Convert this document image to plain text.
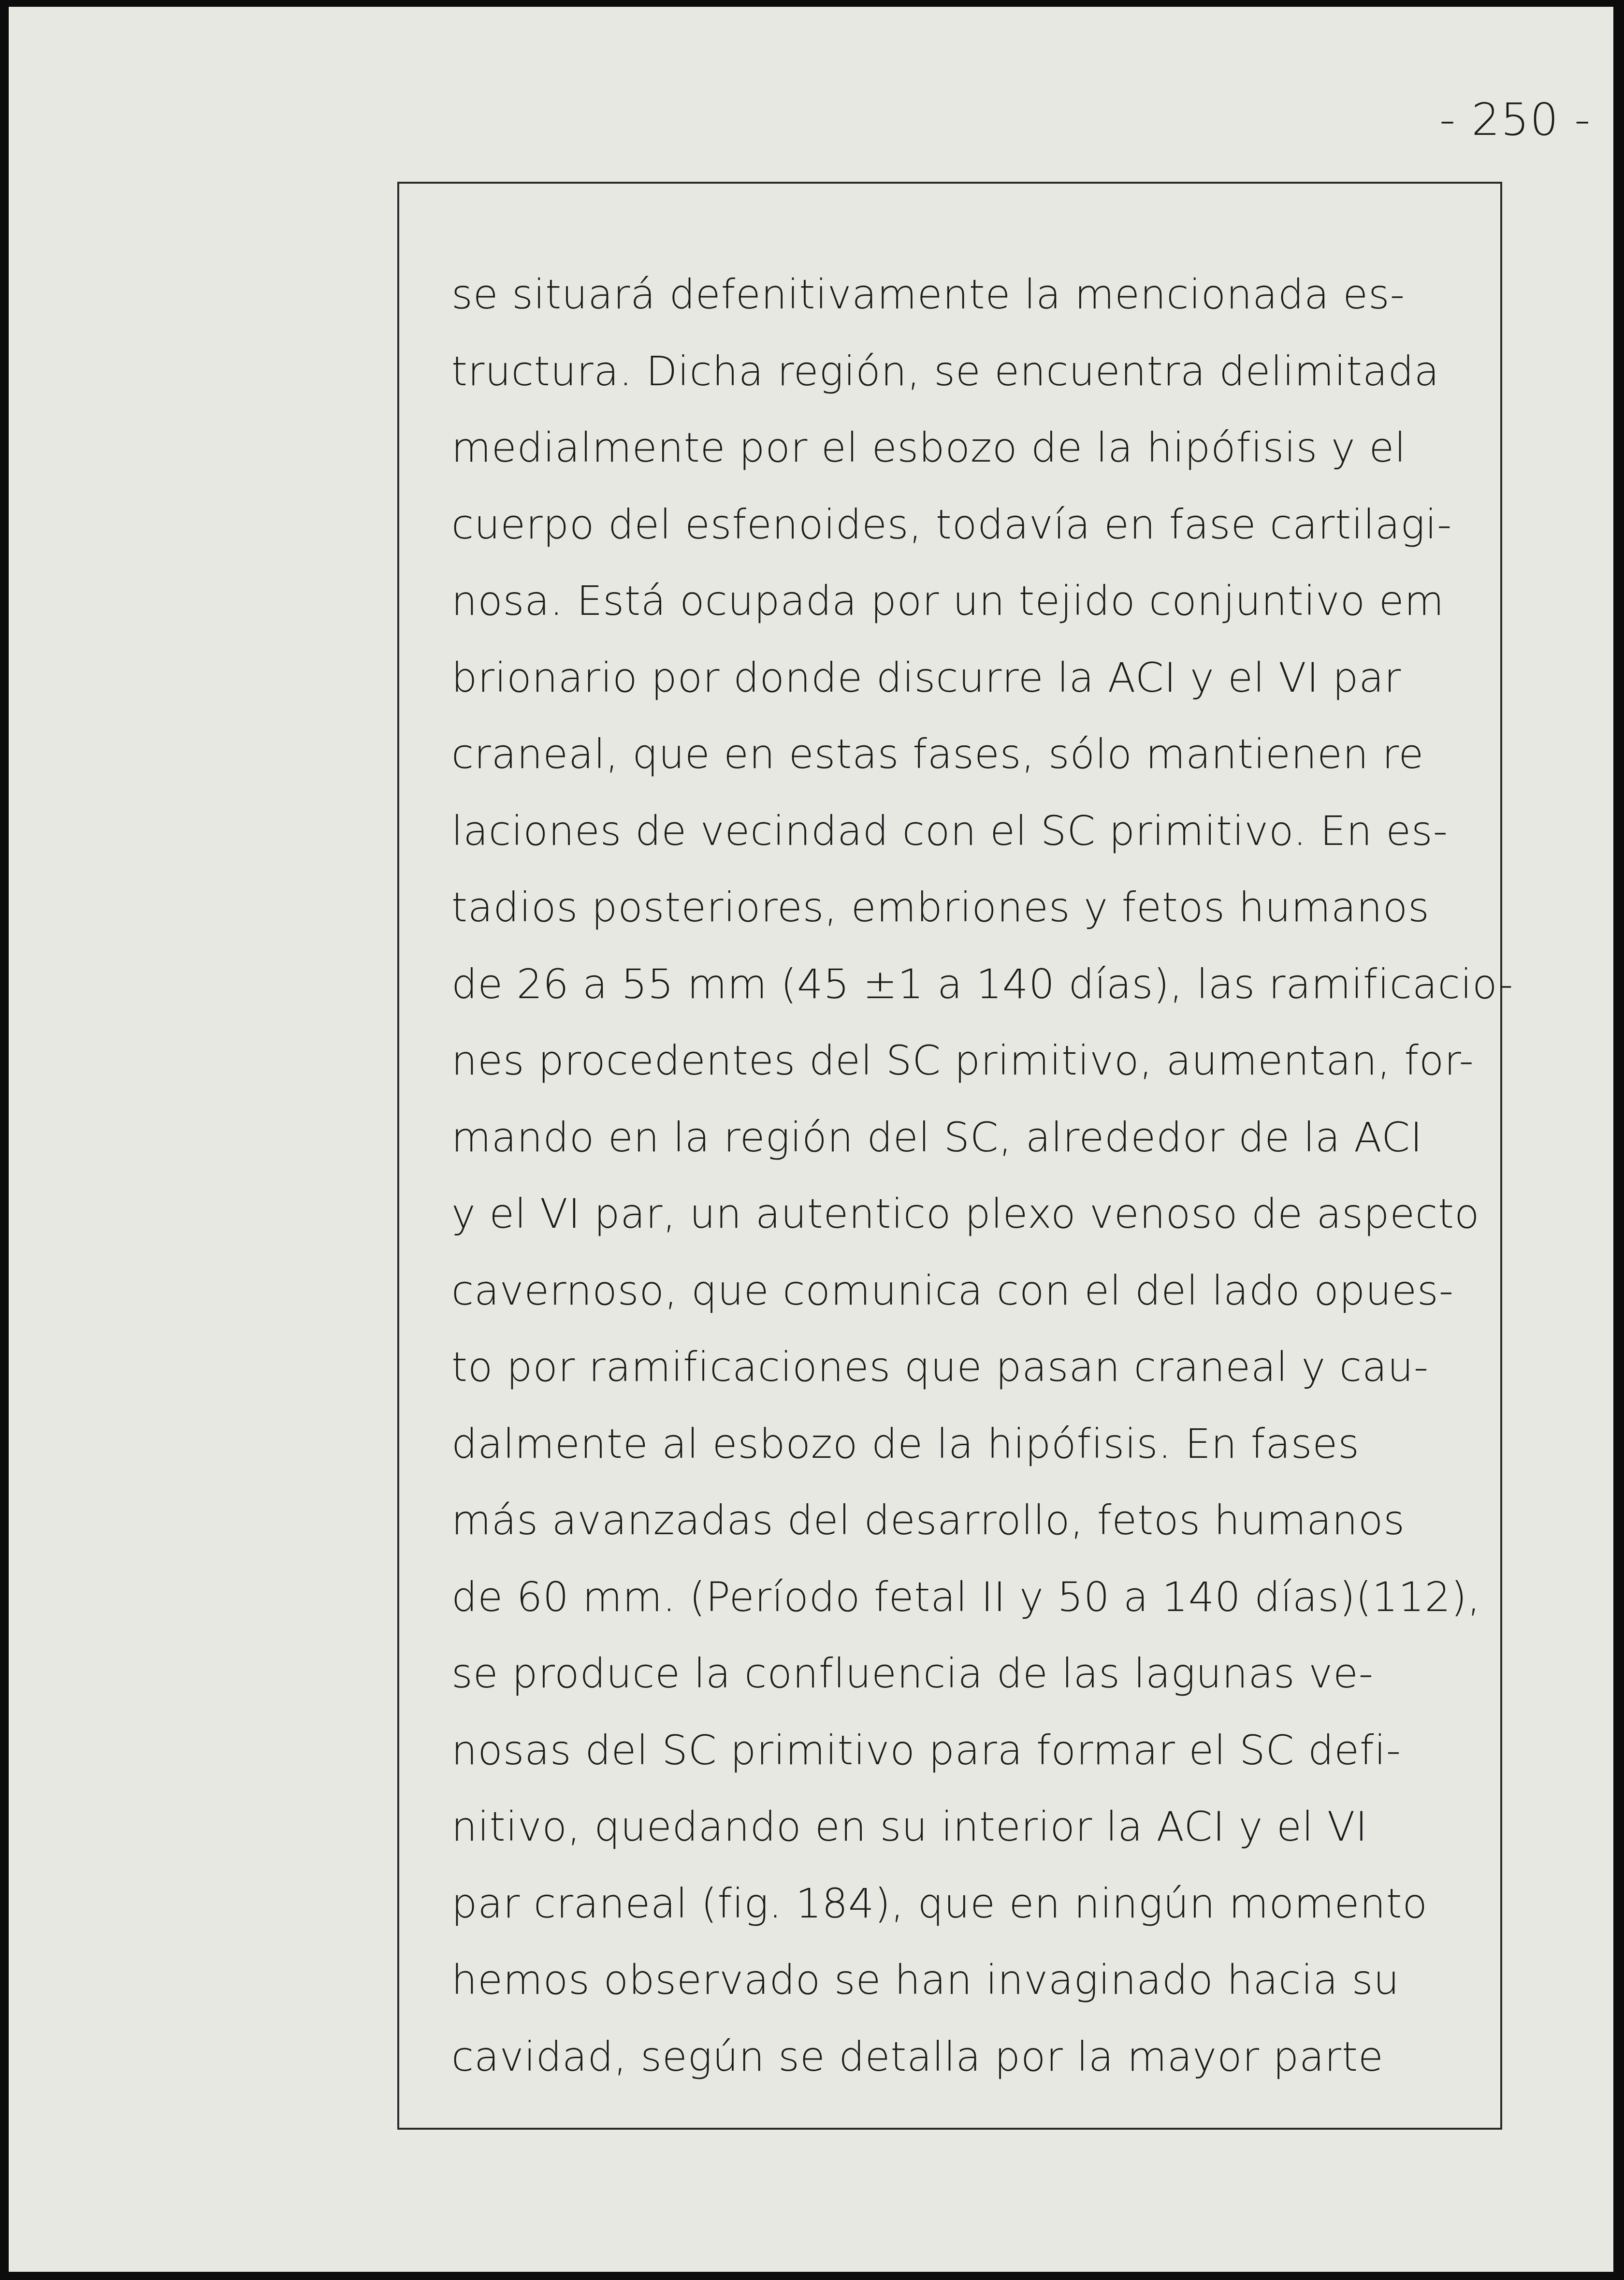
- 250 -
se situará defenitivamente la mencionada es-
tructura. Dicha región, se encuentra delimitada
medialmente por el esbozo de la hipófisis y el
cuerpo del esfenoides, todavía en fase cartilagi-
nosa. Está ocupada por un tejido conjuntivo em
brionario por donde discurre la ACI y el VI par
craneal, que en estas fases, sólo mantienen re
laciones de vecindad con el SC primitivo. En es-
tadios posteriores, embriones y fetos humanos
de 26 a 55 mm (45 ±1 a 140 días), las ramificacio-
nes procedentes del SC primitivo, aumentan, for-
mando en la región del SC, alrededor de la ACI
y el VI par, un autentico plexo venoso de aspecto
cavernoso, que comunica con el del lado opues-
to por ramificaciones que pasan craneal y cau-
dalmente al esbozo de la hipófisis. En fases
más avanzadas del desarrollo, fetos humanos
de 60 mm. (Período fetal II y 50 a 140 días)(112),
se produce la confluencia de las lagunas ve-
nosas del SC primitivo para formar el SC defi-
nitivo, quedando en su interior la ACI y el VI
par craneal (fig. 184), que en ningún momento
hemos observado se han invaginado hacia su
cavidad, según se detalla por la mayor parte
